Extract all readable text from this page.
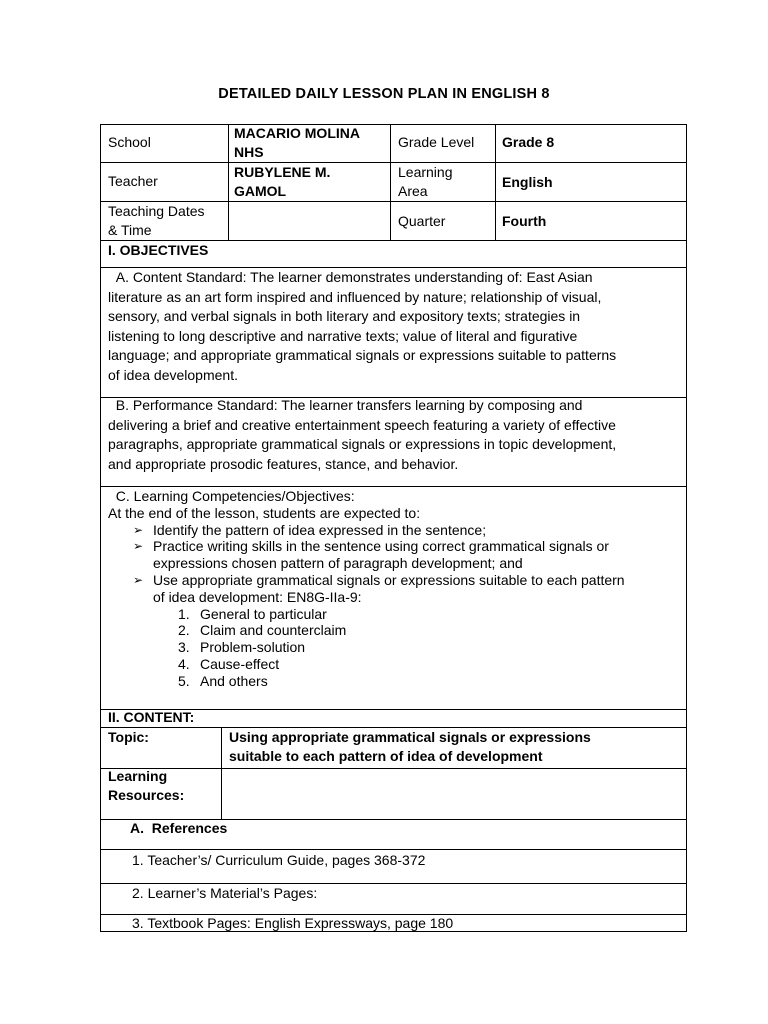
DETAILED DAILY LESSON PLAN IN ENGLISH 8
School
MACARIO MOLINA
NHS
Grade Level Grade 8
Teacher
RUBYLENE M.
GAMOL
Learning
Area
English
Teaching Dates
& Time
Quarter	Fourth
I. OBJECTIVES
A. Content Standard: The learner demonstrates understanding of: East Asian
literature as an art form inspired and influenced by nature; relationship of visual,
sensory, and verbal signals in both literary and expository texts; strategies in
listening to long descriptive and narrative texts; value of literal and figurative
language; and appropriate grammatical signals or expressions suitable to patterns
of idea development.
B. Performance Standard: The learner transfers learning by composing and
delivering a brief and creative entertainment speech featuring a variety of effective
paragraphs, appropriate grammatical signals or expressions in topic development,
and appropriate prosodic features, stance, and behavior.
C. Learning Competencies/Objectives:
At the end of the lesson, students are expected to:
➢ Identify the pattern of idea expressed in the sentence;
➢ Practice writing skills in the sentence using correct grammatical signals or
expressions chosen pattern of paragraph development; and
➢ Use appropriate grammatical signals or expressions suitable to each pattern
of idea development: EN8G-IIa-9:
1. General to particular
2. Claim and counterclaim
3. Problem-solution
4. Cause-effect
5. And others
II. CONTENT:
Topic:	Using appropriate grammatical signals or expressions
suitable to each pattern of idea of development
Learning
Resources:
A.  References
1. Teacher’s/ Curriculum Guide, pages 368-372
2. Learner’s Material’s Pages:
3. Textbook Pages: English Expressways, page 180
